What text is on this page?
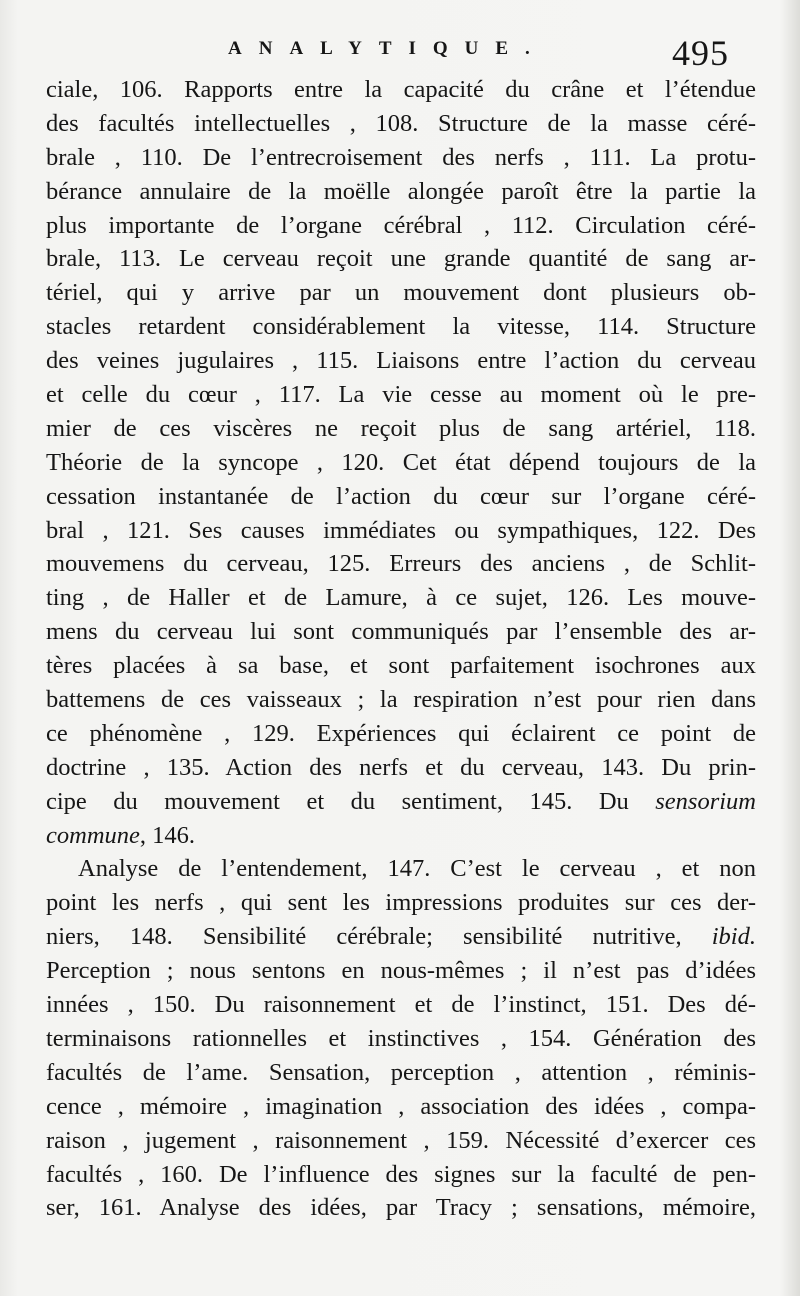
ANALYTIQUE.	495
ciale, 106. Rapports entre la capacité du crâne et l’étendue
des facultés intellectuelles , 108. Structure de la masse céré-
brale , 110. De l’entrecroisement des nerfs , 111. La protu-
bérance annulaire de la moëlle alongée paroît être la partie la
plus importante de l’organe cérébral , 112. Circulation céré-
brale, 113. Le cerveau reçoit une grande quantité de sang ar-
tériel, qui y arrive par un mouvement dont plusieurs ob-
stacles retardent considérablement la vitesse, 114. Structure
des veines jugulaires , 115. Liaisons entre l’action du cerveau
et celle du cœur , 117. La vie cesse au moment où le pre-
mier de ces viscères ne reçoit plus de sang artériel, 118.
Théorie de la syncope , 120. Cet état dépend toujours de la
cessation instantanée de l’action du cœur sur l’organe céré-
bral , 121. Ses causes immédiates ou sympathiques, 122. Des
mouvemens du cerveau, 125. Erreurs des anciens , de Schlit-
ting , de Haller et de Lamure, à ce sujet, 126. Les mouve-
mens du cerveau lui sont communiqués par l’ensemble des ar-
tères placées à sa base, et sont parfaitement isochrones aux
battemens de ces vaisseaux ; la respiration n’est pour rien dans
ce phénomène , 129. Expériences qui éclairent ce point de
doctrine , 135. Action des nerfs et du cerveau, 143. Du prin-
cipe du mouvement et du sentiment, 145. Du sensorium
commune, 146.
Analyse de l’entendement, 147. C’est le cerveau , et non
point les nerfs , qui sent les impressions produites sur ces der-
niers, 148. Sensibilité cérébrale; sensibilité nutritive, ibid.
Perception ; nous sentons en nous-mêmes ; il n’est pas d’idées
innées , 150. Du raisonnement et de l’instinct, 151. Des dé-
terminaisons rationnelles et instinctives , 154. Génération des
facultés de l’ame. Sensation, perception , attention , réminis-
cence , mémoire , imagination , association des idées , compa-
raison , jugement , raisonnement , 159. Nécessité d’exercer ces
facultés , 160. De l’influence des signes sur la faculté de pen-
ser, 161. Analyse des idées, par Tracy ; sensations, mémoire,
